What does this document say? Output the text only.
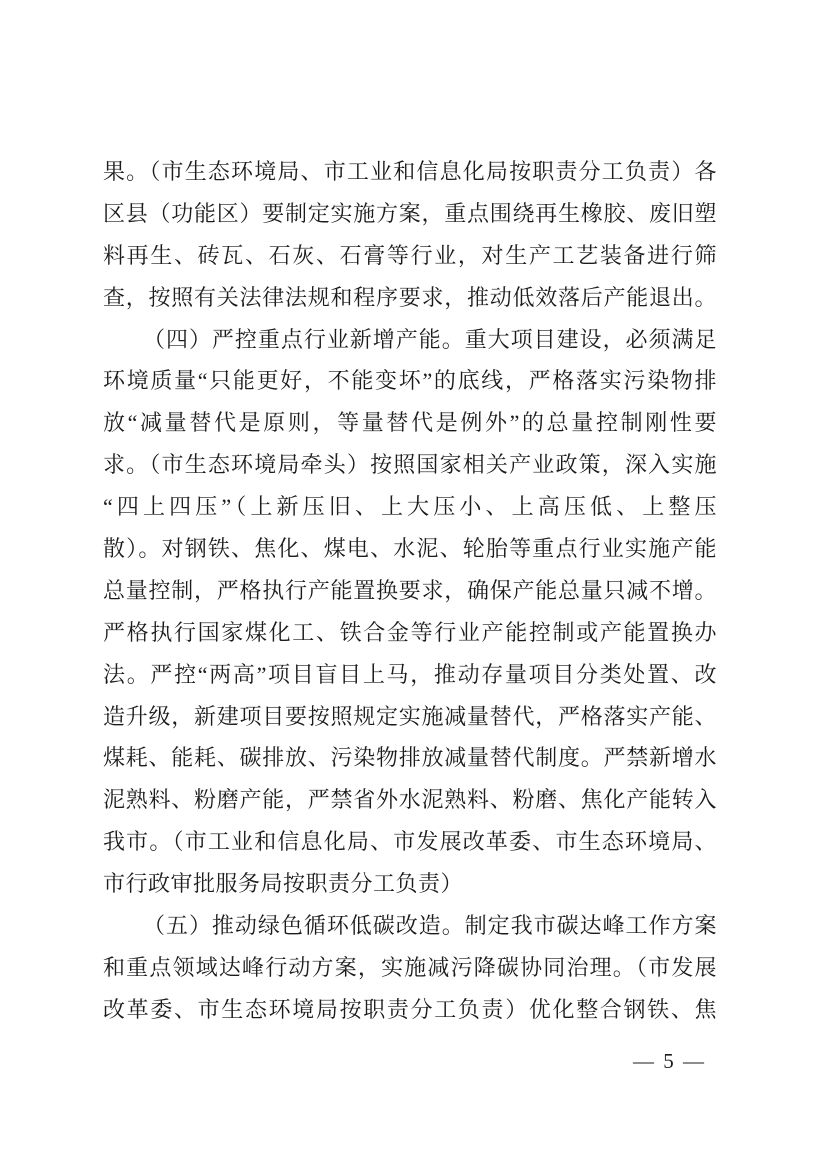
果。（市生态环境局、市工业和信息化局按职责分工负责）各
区县（功能区）要制定实施方案，重点围绕再生橡胶、废旧塑
料再生、砖瓦、石灰、石膏等行业，对生产工艺装备进行筛
查，按照有关法律法规和程序要求，推动低效落后产能退出。
（四）严控重点行业新增产能。重大项目建设，必须满足
环境质量“只能更好，不能变坏”的底线，严格落实污染物排
放“减量替代是原则，等量替代是例外”的总量控制刚性要
求。（市生态环境局牵头）按照国家相关产业政策，深入实施
“四上四压”（上新压旧、上大压小、上高压低、上整压
散）。对钢铁、焦化、煤电、水泥、轮胎等重点行业实施产能
总量控制，严格执行产能置换要求，确保产能总量只减不增。
严格执行国家煤化工、铁合金等行业产能控制或产能置换办
法。严控“两高”项目盲目上马，推动存量项目分类处置、改
造升级，新建项目要按照规定实施减量替代，严格落实产能、
煤耗、能耗、碳排放、污染物排放减量替代制度。严禁新增水
泥熟料、粉磨产能，严禁省外水泥熟料、粉磨、焦化产能转入
我市。（市工业和信息化局、市发展改革委、市生态环境局、
市行政审批服务局按职责分工负责）
（五）推动绿色循环低碳改造。制定我市碳达峰工作方案
和重点领域达峰行动方案，实施减污降碳协同治理。（市发展
改革委、市生态环境局按职责分工负责）优化整合钢铁、焦
— 5 —
